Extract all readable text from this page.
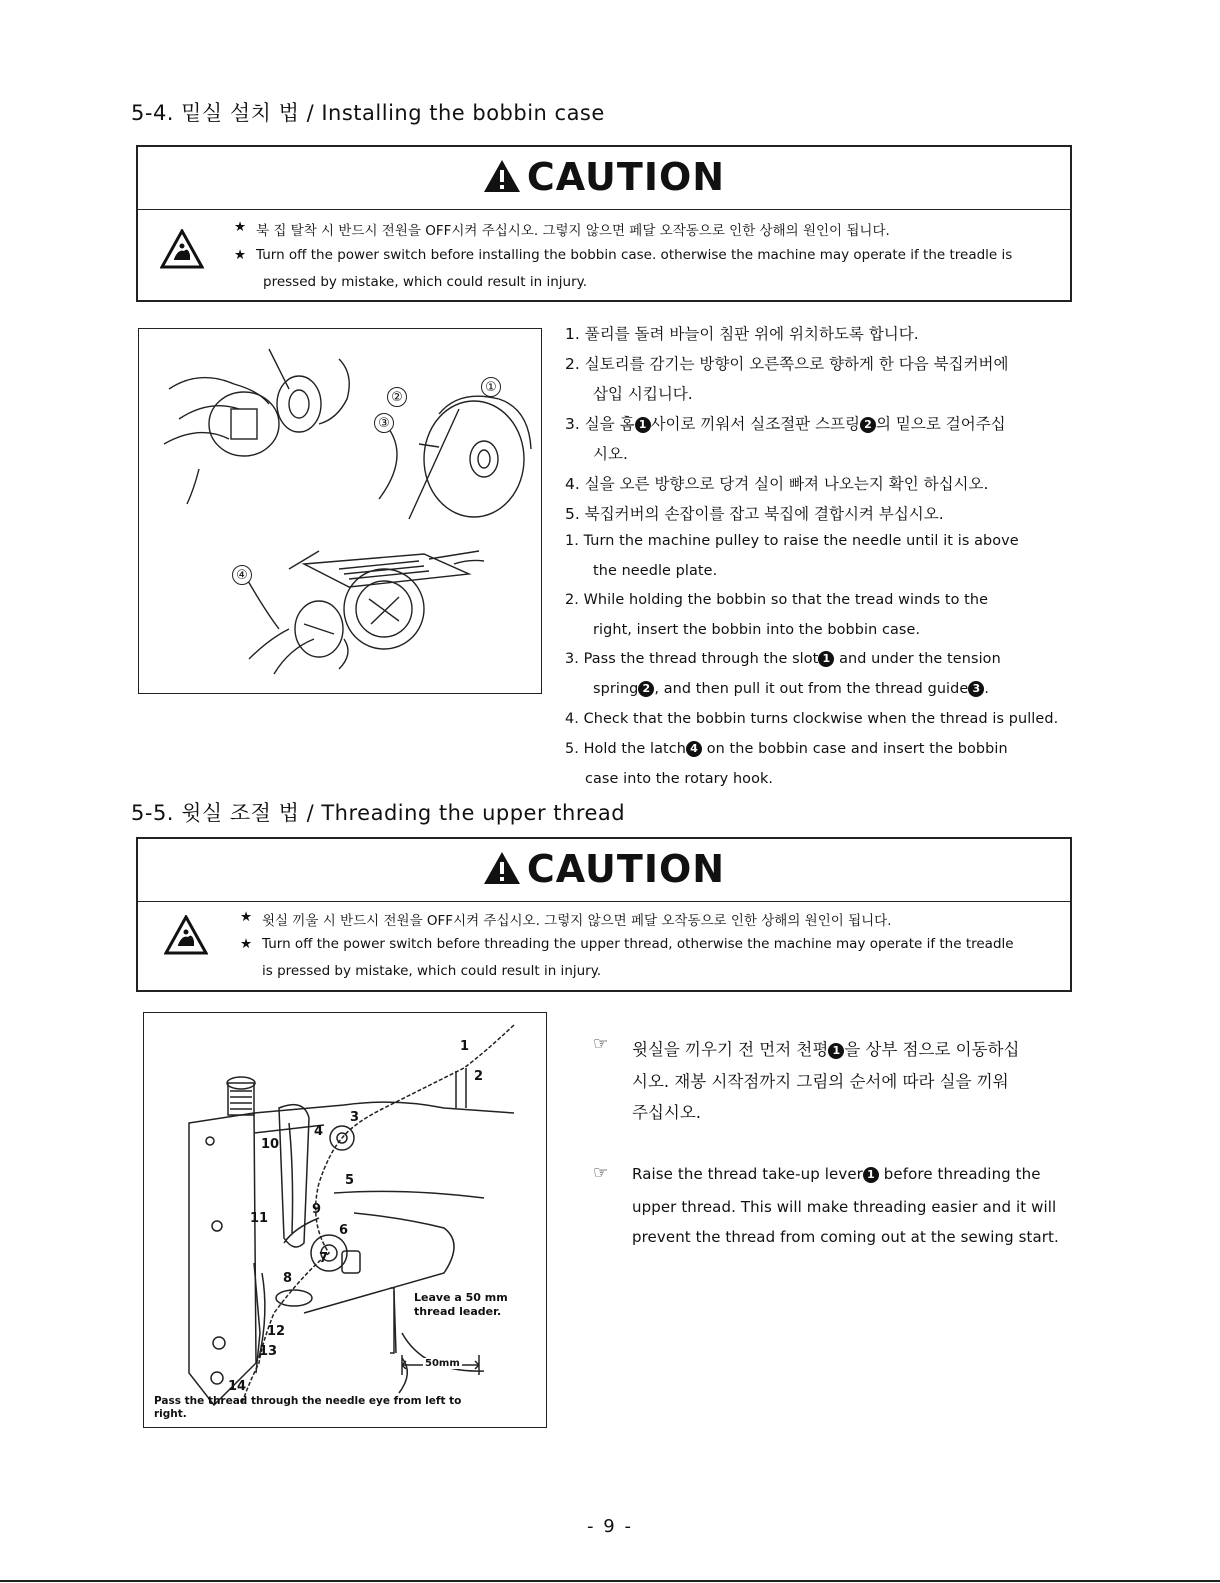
5-4. 밑실 설치 법 / Installing the bobbin case
CAUTION
★ 북 집 탈착 시 반드시 전원을 OFF시켜 주십시오. 그렇지 않으면 페달 오작동으로 인한 상해의 원인이 됩니다.
★ Turn off the power switch before installing the bobbin case. otherwise the machine may operate if the treadle is
pressed by mistake, which could result in injury.
①
②
③
④
1. 풀리를 돌려 바늘이 침판 위에 위치하도록 합니다.
2. 실토리를 감기는 방향이 오른쪽으로 향하게 한 다음 북집커버에
삽입 시킵니다.
3. 실을 홈 1 사이로 끼워서 실조절판 스프링 2 의 밑으로 걸어주십
시오.
4. 실을 오른 방향으로 당겨 실이 빠져 나오는지 확인 하십시오.
5. 북집커버의 손잡이를 잡고 북집에 결합시켜 부십시오.
1. Turn the machine pulley to raise the needle until it is above
the needle plate.
2. While holding the bobbin so that the tread winds to the
right, insert the bobbin into the bobbin case.
3. Pass the thread through the slot 1 and under the tension
spring 2 , and then pull it out from the thread guide 3 .
4. Check that the bobbin turns clockwise when the thread is pulled.
5. Hold the latch 4 on the bobbin case and insert the bobbin
case into the rotary hook.
5-5. 윗실 조절 법 / Threading the upper thread
CAUTION
★ 윗실 끼울 시 반드시 전원을 OFF시켜 주십시오. 그렇지 않으면 페달 오작동으로 인한 상해의 원인이 됩니다.
★ Turn off the power switch before threading the upper thread, otherwise the machine may operate if the treadle
is pressed by mistake, which could result in injury.
1
2
3
4
5
6
7
8
9
10
11
12
13
14
Leave a 50 mm
thread leader.
50mm
Pass the thread through the needle eye from left to right.
☞ 윗실을 끼우기 전 먼저 천평 1 을 상부 점으로 이동하십
시오. 재봉 시작점까지 그림의 순서에 따라 실을 끼워
주십시오.
☞ Raise the thread take-up lever 1 before threading the
upper thread. This will make threading easier and it will
prevent the thread from coming out at the sewing start.
- 9 -
